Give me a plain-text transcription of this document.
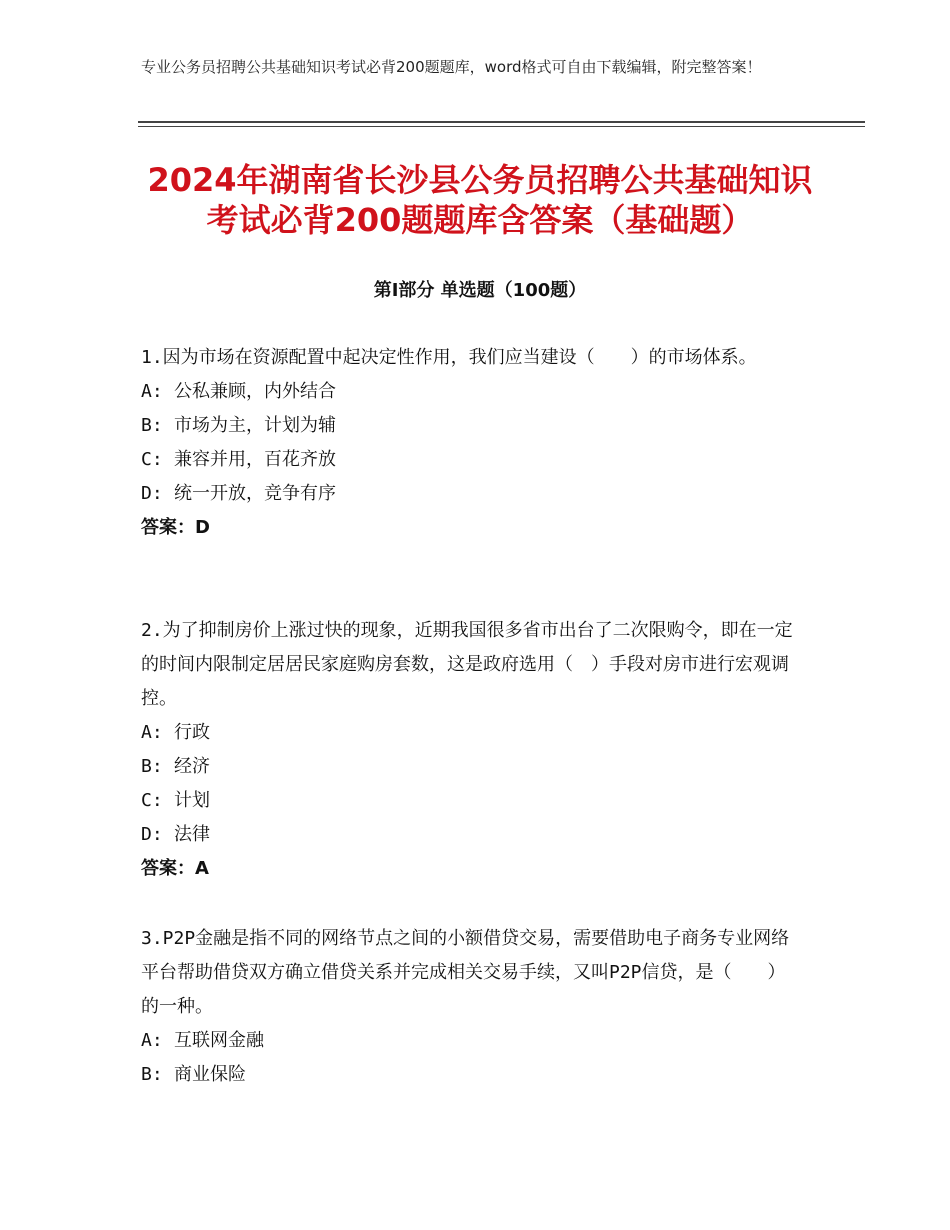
专业公务员招聘公共基础知识考试必背200题题库，word格式可自由下载编辑，附完整答案！
2024年湖南省长沙县公务员招聘公共基础知识考试必背200题题库含答案（基础题）
第Ⅰ部分 单选题（100题）

1.因为市场在资源配置中起决定性作用，我们应当建设（　　）的市场体系。

A: 公私兼顾，内外结合

B: 市场为主，计划为辅

C: 兼容并用，百花齐放

D: 统一开放，竞争有序

答案：D

2.为了抑制房价上涨过快的现象，近期我国很多省市出台了二次限购令，即在一定的时间内限制定居居民家庭购房套数，这是政府选用（　）手段对房市进行宏观调控。

A: 行政

B: 经济

C: 计划

D: 法律

答案：A

3.P2P金融是指不同的网络节点之间的小额借贷交易，需要借助电子商务专业网络平台帮助借贷双方确立借贷关系并完成相关交易手续，又叫P2P信贷，是（　　）的一种。

A: 互联网金融

B: 商业保险
